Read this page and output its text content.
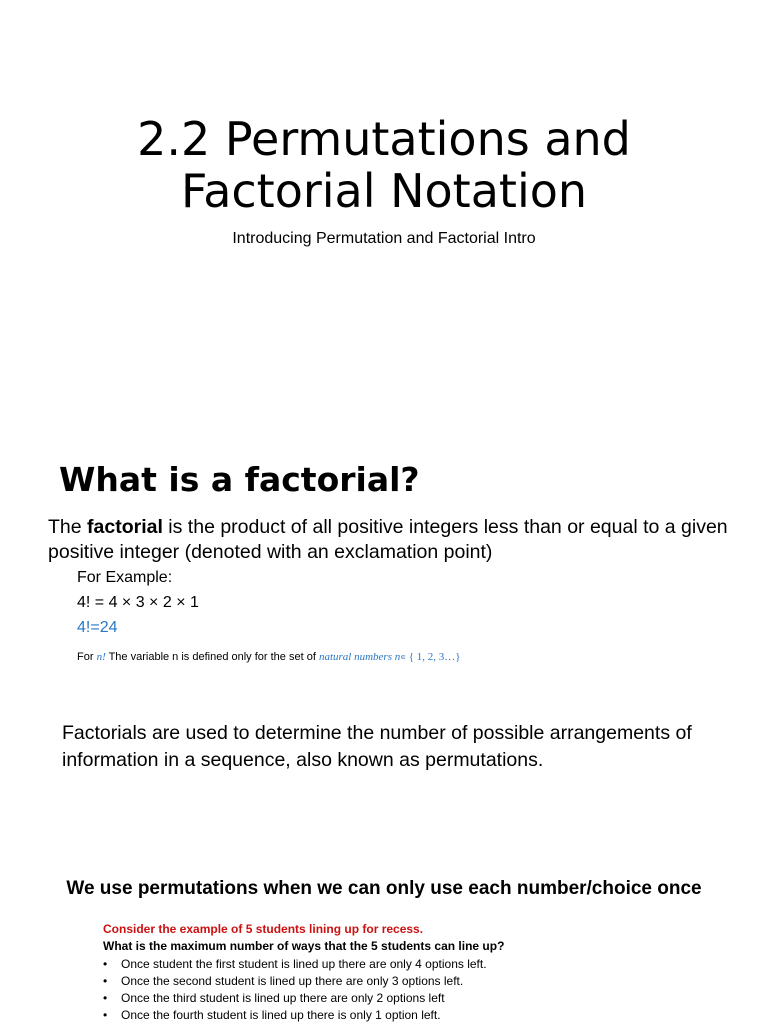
2.2 Permutations and
Factorial Notation
Introducing Permutation and Factorial Intro
What is a factorial?
The factorial is the product of all positive integers less than or equal to a given positive integer (denoted with an exclamation point)
For Example:
4! = 4 × 3 × 2 × 1
4!=24
For n! The variable n is defined only for the set of natural numbers n∊ { 1, 2, 3…}
Factorials are used to determine the number of possible arrangements of information in a sequence, also known as permutations.
We use permutations when we can only use each number/choice once
Consider the example of 5 students lining up for recess.
What is the maximum number of ways that the 5 students can line up?
• Once student the first student is lined up there are only 4 options left.
• Once the second student is lined up there are only 3 options left.
• Once the third student is lined up there are only 2 options left
• Once the fourth student is lined up there is only 1 option left.
